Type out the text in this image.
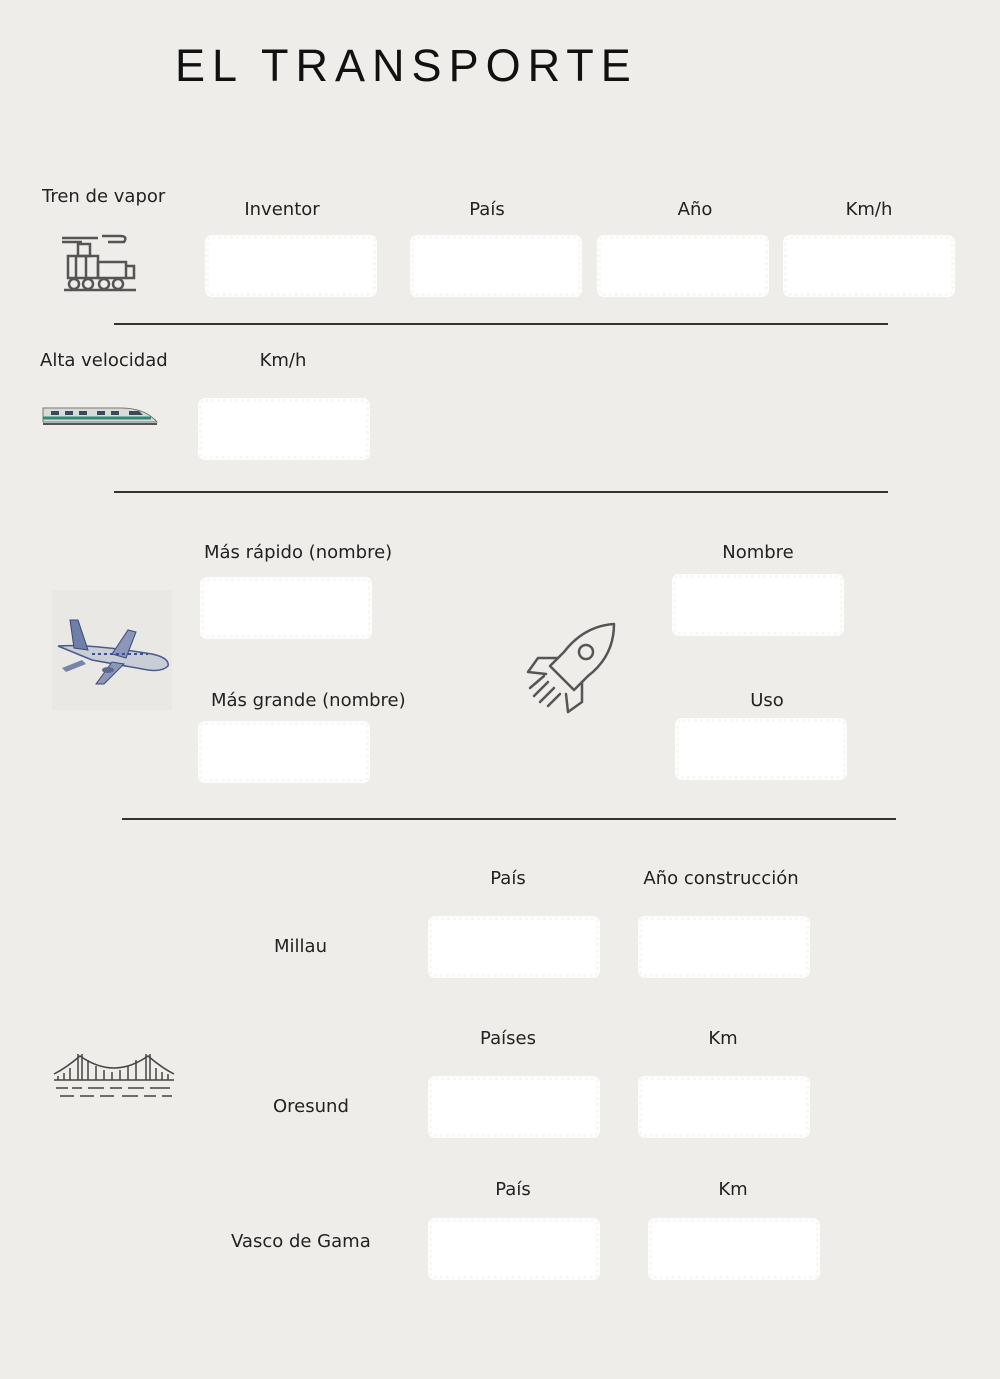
EL TRANSPORTE
Tren de vapor
Inventor	País	Año	Km/h
Alta velocidad	Km/h
Más rápido (nombre)
Más grande (nombre)
Nombre
Uso
Millau
País	Año construcción
Oresund
Países	Km
Vasco de Gama
País	Km
